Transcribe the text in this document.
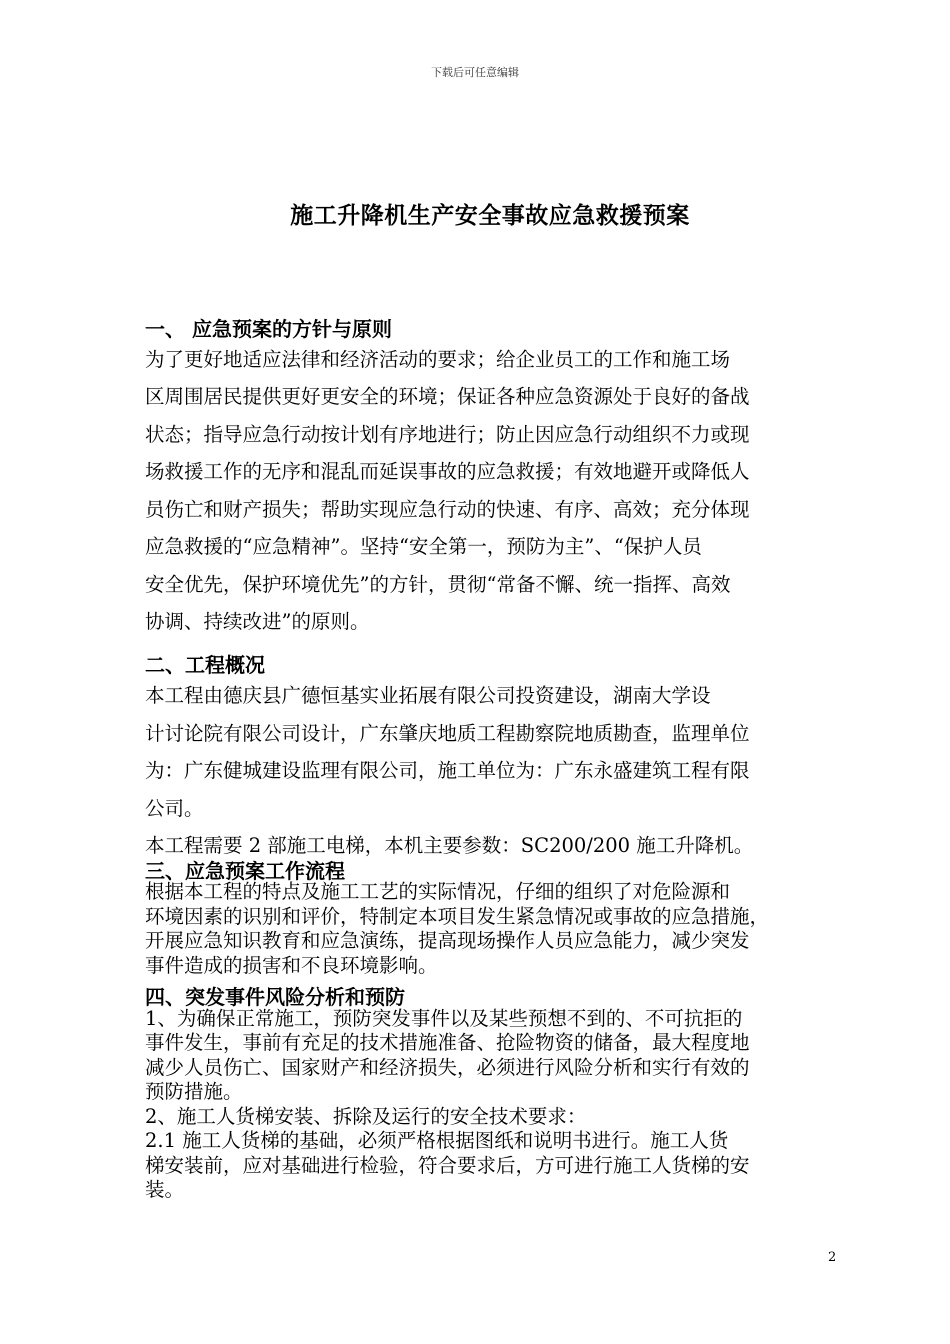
下载后可任意编辑
施工升降机生产安全事故应急救援预案
一、 应急预案的方针与原则
为了更好地适应法律和经济活动的要求；给企业员工的工作和施工场
区周围居民提供更好更安全的环境；保证各种应急资源处于良好的备战
状态；指导应急行动按计划有序地进行；防止因应急行动组织不力或现
场救援工作的无序和混乱而延误事故的应急救援；有效地避开或降低人
员伤亡和财产损失；帮助实现应急行动的快速、有序、高效；充分体现
应急救援的“应急精神”。坚持“安全第一，预防为主”、“保护人员
安全优先，保护环境优先”的方针，贯彻“常备不懈、统一指挥、高效
协调、持续改进”的原则。
二、工程概况
本工程由德庆县广德恒基实业拓展有限公司投资建设，湖南大学设
计讨论院有限公司设计，广东肇庆地质工程勘察院地质勘查，监理单位
为：广东健城建设监理有限公司，施工单位为：广东永盛建筑工程有限
公司。
本工程需要 2 部施工电梯，本机主要参数：SC200/200 施工升降机。
三、应急预案工作流程
根据本工程的特点及施工工艺的实际情况，仔细的组织了对危险源和
环境因素的识别和评价，特制定本项目发生紧急情况或事故的应急措施，
开展应急知识教育和应急演练，提高现场操作人员应急能力，减少突发
事件造成的损害和不良环境影响。
四、突发事件风险分析和预防
1、为确保正常施工，预防突发事件以及某些预想不到的、不可抗拒的
事件发生，事前有充足的技术措施准备、抢险物资的储备，最大程度地
减少人员伤亡、国家财产和经济损失，必须进行风险分析和实行有效的
预防措施。
2、施工人货梯安装、拆除及运行的安全技术要求：
2.1 施工人货梯的基础，必须严格根据图纸和说明书进行。施工人货
梯安装前，应对基础进行检验，符合要求后，方可进行施工人货梯的安
装。
2
